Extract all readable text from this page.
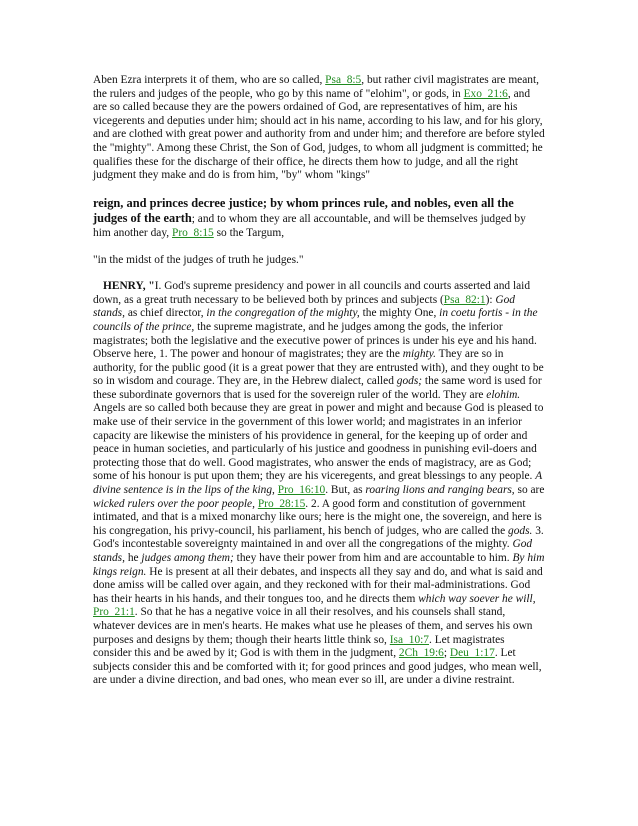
Aben Ezra interprets it of them, who are so called, Psa_8:5, but rather civil magistrates are meant, the rulers and judges of the people, who go by this name of "elohim", or gods, in Exo_21:6, and are so called because they are the powers ordained of God, are representatives of him, are his vicegerents and deputies under him; should act in his name, according to his law, and for his glory, and are clothed with great power and authority from and under him; and therefore are before styled the "mighty". Among these Christ, the Son of God, judges, to whom all judgment is committed; he qualifies these for the discharge of their office, he directs them how to judge, and all the right judgment they make and do is from him, "by" whom "kings"

reign, and princes decree justice; by whom princes rule, and nobles, even all the judges of the earth; and to whom they are all accountable, and will be themselves judged by him another day, Pro_8:15 so the Targum,

"in the midst of the judges of truth he judges."

HENRY, "I. God's supreme presidency and power in all councils and courts asserted and laid down, as a great truth necessary to be believed both by princes and subjects (Psa_82:1): God stands, as chief director, in the congregation of the mighty, the mighty One, in coetu fortis - in the councils of the prince, the supreme magistrate, and he judges among the gods, the inferior magistrates; both the legislative and the executive power of princes is under his eye and his hand. Observe here, 1. The power and honour of magistrates; they are the mighty. They are so in authority, for the public good (it is a great power that they are entrusted with), and they ought to be so in wisdom and courage. They are, in the Hebrew dialect, called gods; the same word is used for these subordinate governors that is used for the sovereign ruler of the world. They are elohim. Angels are so called both because they are great in power and might and because God is pleased to make use of their service in the government of this lower world; and magistrates in an inferior capacity are likewise the ministers of his providence in general, for the keeping up of order and peace in human societies, and particularly of his justice and goodness in punishing evil-doers and protecting those that do well. Good magistrates, who answer the ends of magistracy, are as God; some of his honour is put upon them; they are his viceregents, and great blessings to any people. A divine sentence is in the lips of the king, Pro_16:10. But, as roaring lions and ranging bears, so are wicked rulers over the poor people, Pro_28:15. 2. A good form and constitution of government intimated, and that is a mixed monarchy like ours; here is the might one, the sovereign, and here is his congregation, his privy-council, his parliament, his bench of judges, who are called the gods. 3. God's incontestable sovereignty maintained in and over all the congregations of the mighty. God stands, he judges among them; they have their power from him and are accountable to him. By him kings reign. He is present at all their debates, and inspects all they say and do, and what is said and done amiss will be called over again, and they reckoned with for their mal-administrations. God has their hearts in his hands, and their tongues too, and he directs them which way soever he will, Pro_21:1. So that he has a negative voice in all their resolves, and his counsels shall stand, whatever devices are in men's hearts. He makes what use he pleases of them, and serves his own purposes and designs by them; though their hearts little think so, Isa_10:7. Let magistrates consider this and be awed by it; God is with them in the judgment, 2Ch_19:6; Deu_1:17. Let subjects consider this and be comforted with it; for good princes and good judges, who mean well, are under a divine direction, and bad ones, who mean ever so ill, are under a divine restraint.
